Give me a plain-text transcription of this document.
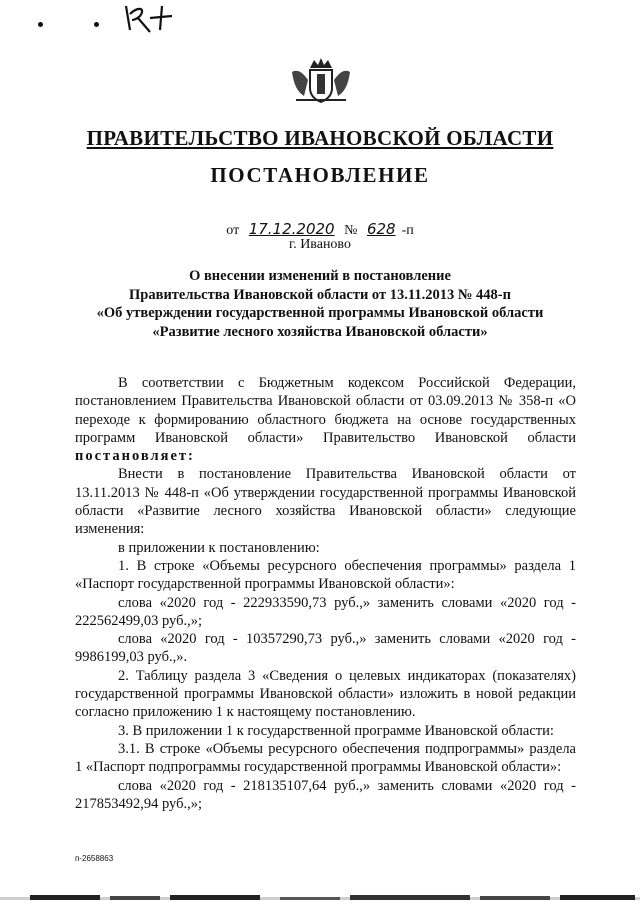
ПРАВИТЕЛЬСТВО ИВАНОВСКОЙ ОБЛАСТИ
ПОСТАНОВЛЕНИЕ
от 17.12.2020 № 628 -п
г. Иваново
О внесении изменений в постановление
Правительства Ивановской области от 13.11.2013 № 448-п
«Об утверждении государственной программы Ивановской области
«Развитие лесного хозяйства Ивановской области»
В соответствии с Бюджетным кодексом Российской Федерации, постановлением Правительства Ивановской области от 03.09.2013 № 358-п «О переходе к формированию областного бюджета на основе государственных программ Ивановской области» Правительство Ивановской области постановляет:
Внести в постановление Правительства Ивановской области от 13.11.2013 № 448-п «Об утверждении государственной программы Ивановской области «Развитие лесного хозяйства Ивановской области» следующие изменения:
в приложении к постановлению:
1. В строке «Объемы ресурсного обеспечения программы» раздела 1 «Паспорт государственной программы Ивановской области»:
слова «2020 год - 222933590,73 руб.,» заменить словами «2020 год - 222562499,03 руб.,»;
слова «2020 год - 10357290,73 руб.,» заменить словами «2020 год - 9986199,03 руб.,».
2. Таблицу раздела 3 «Сведения о целевых индикаторах (показателях) государственной программы Ивановской области» изложить в новой редакции согласно приложению 1 к настоящему постановлению.
3. В приложении 1 к государственной программе Ивановской области:
3.1. В строке «Объемы ресурсного обеспечения подпрограммы» раздела 1 «Паспорт подпрограммы государственной программы Ивановской области»:
слова «2020 год - 218135107,64 руб.,» заменить словами «2020 год - 217853492,94 руб.,»;
п-2658863
